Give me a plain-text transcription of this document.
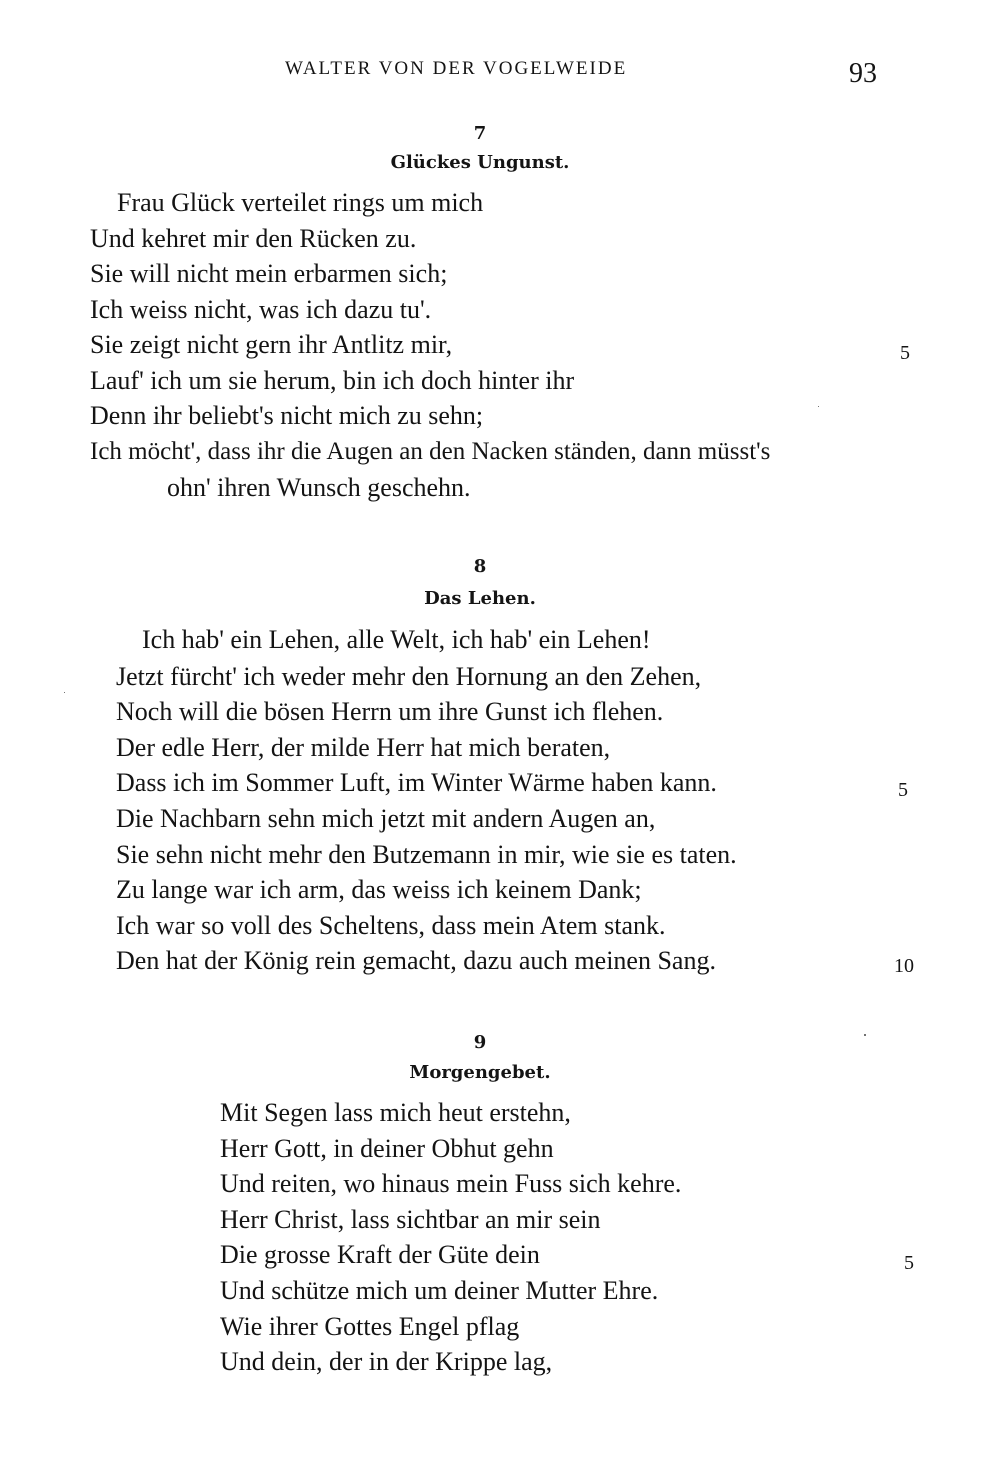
WALTER VON DER VOGELWEIDE	93
7
Glückes Ungunst.
Frau Glück verteilet rings um mich
Und kehret mir den Rücken zu.
Sie will nicht mein erbarmen sich;
Ich weiss nicht, was ich dazu tu'.
Sie zeigt nicht gern ihr Antlitz mir,
Lauf' ich um sie herum, bin ich doch hinter ihr
Denn ihr beliebt's nicht mich zu sehn;
Ich möcht', dass ihr die Augen an den Nacken ständen, dann müsst's
ohn' ihren Wunsch geschehn.
5
8
Das Lehen.
Ich hab' ein Lehen, alle Welt, ich hab' ein Lehen!
Jetzt fürcht' ich weder mehr den Hornung an den Zehen,
Noch will die bösen Herrn um ihre Gunst ich flehen.
Der edle Herr, der milde Herr hat mich beraten,
Dass ich im Sommer Luft, im Winter Wärme haben kann.
Die Nachbarn sehn mich jetzt mit andern Augen an,
Sie sehn nicht mehr den Butzemann in mir, wie sie es taten.
Zu lange war ich arm, das weiss ich keinem Dank;
Ich war so voll des Scheltens, dass mein Atem stank.
Den hat der König rein gemacht, dazu auch meinen Sang.
5
10
9
Morgengebet.
Mit Segen lass mich heut erstehn,
Herr Gott, in deiner Obhut gehn
Und reiten, wo hinaus mein Fuss sich kehre.
Herr Christ, lass sichtbar an mir sein
Die grosse Kraft der Güte dein
Und schütze mich um deiner Mutter Ehre.
Wie ihrer Gottes Engel pflag
Und dein, der in der Krippe lag,
5
